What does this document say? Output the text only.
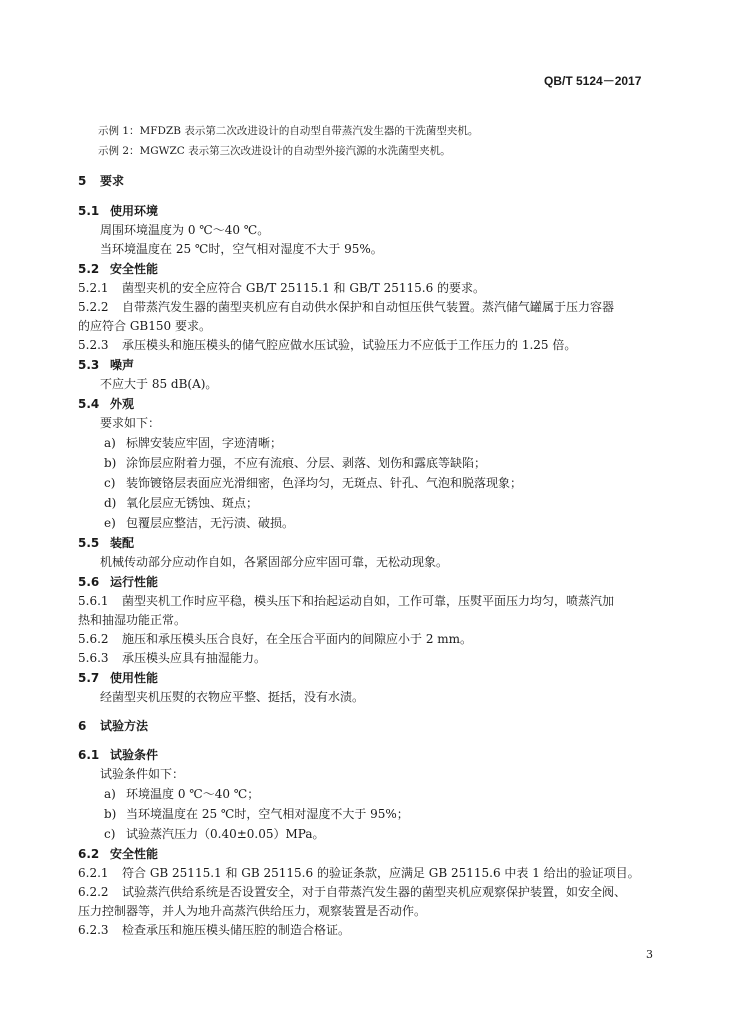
QB/T 5124－2017
示例 1：MFDZB 表示第二次改进设计的自动型自带蒸汽发生器的干洗菌型夹机。
示例 2：MGWZC 表示第三次改进设计的自动型外接汽源的水洗菌型夹机。
5 要求
5.1 使用环境
周围环境温度为 0 ℃～40 ℃。
当环境温度在 25 ℃时，空气相对湿度不大于 95%。
5.2 安全性能
5.2.1 菌型夹机的安全应符合 GB/T 25115.1 和 GB/T 25115.6 的要求。
5.2.2 自带蒸汽发生器的菌型夹机应有自动供水保护和自动恒压供气装置。蒸汽储气罐属于压力容器
的应符合 GB150 要求。
5.2.3 承压模头和施压模头的储气腔应做水压试验，试验压力不应低于工作压力的 1.25 倍。
5.3 噪声
不应大于 85 dB(A)。
5.4 外观
要求如下：
a) 标牌安装应牢固，字迹清晰；
b) 涂饰层应附着力强，不应有流痕、分层、剥落、划伤和露底等缺陷；
c) 装饰镀铬层表面应光滑细密，色泽均匀，无斑点、针孔、气泡和脱落现象；
d) 氧化层应无锈蚀、斑点；
e) 包覆层应整洁，无污渍、破损。
5.5 装配
机械传动部分应动作自如，各紧固部分应牢固可靠，无松动现象。
5.6 运行性能
5.6.1 菌型夹机工作时应平稳，模头压下和抬起运动自如，工作可靠，压熨平面压力均匀，喷蒸汽加
热和抽湿功能正常。
5.6.2 施压和承压模头压合良好，在全压合平面内的间隙应小于 2 mm。
5.6.3 承压模头应具有抽湿能力。
5.7 使用性能
经菌型夹机压熨的衣物应平整、挺括，没有水渍。
6 试验方法
6.1 试验条件
试验条件如下：
a) 环境温度 0 ℃～40 ℃；
b) 当环境温度在 25 ℃时，空气相对湿度不大于 95%；
c) 试验蒸汽压力（0.40±0.05）MPa。
6.2 安全性能
6.2.1 符合 GB 25115.1 和 GB 25115.6 的验证条款，应满足 GB 25115.6 中表 1 给出的验证项目。
6.2.2 试验蒸汽供给系统是否设置安全，对于自带蒸汽发生器的菌型夹机应观察保护装置，如安全阀、
压力控制器等，并人为地升高蒸汽供给压力，观察装置是否动作。
6.2.3 检查承压和施压模头储压腔的制造合格证。
3
